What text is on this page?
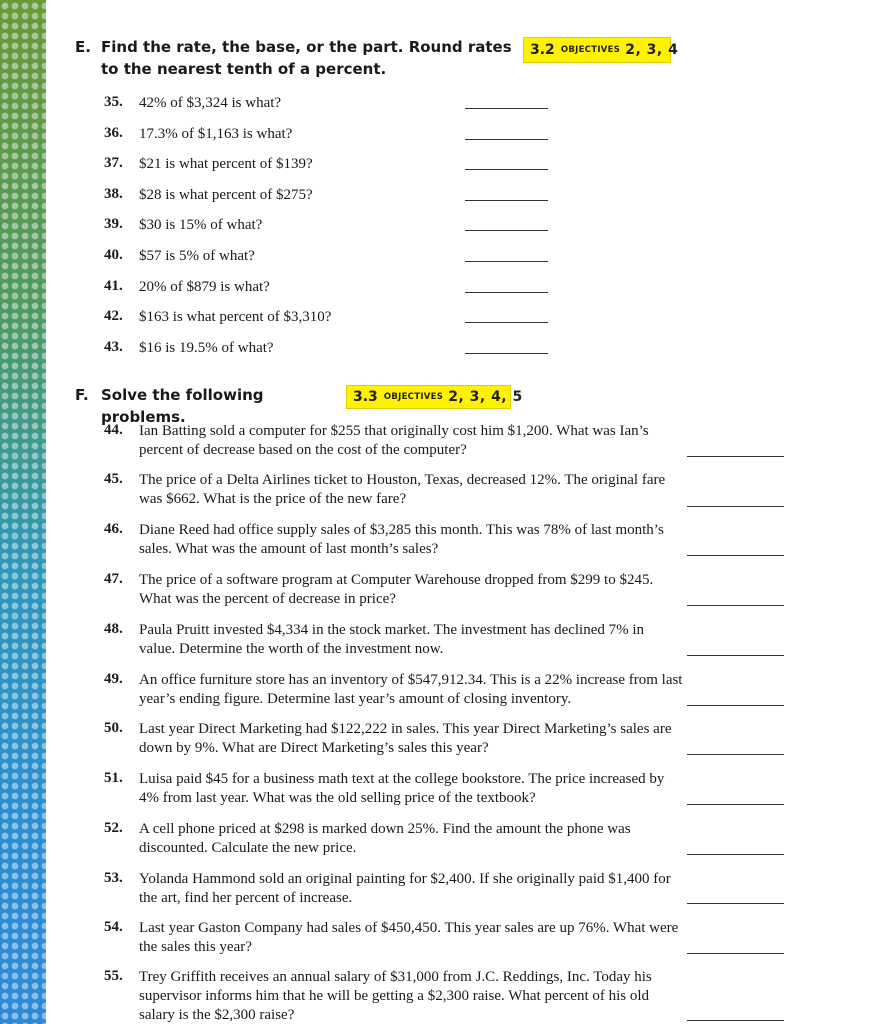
E. Find the rate, the base, or the part. Round rates to the nearest tenth of a percent.
3.2 OBJECTIVES 2, 3, 4
35. 42% of $3,324 is what?
36. 17.3% of $1,163 is what?
37. $21 is what percent of $139?
38. $28 is what percent of $275?
39. $30 is 15% of what?
40. $57 is 5% of what?
41. 20% of $879 is what?
42. $163 is what percent of $3,310?
43. $16 is 19.5% of what?
F. Solve the following problems.
3.3 OBJECTIVES 2, 3, 4, 5
44. Ian Batting sold a computer for $255 that originally cost him $1,200. What was Ian’s percent of decrease based on the cost of the computer?
45. The price of a Delta Airlines ticket to Houston, Texas, decreased 12%. The original fare was $662. What is the price of the new fare?
46. Diane Reed had office supply sales of $3,285 this month. This was 78% of last month’s sales. What was the amount of last month’s sales?
47. The price of a software program at Computer Warehouse dropped from $299 to $245. What was the percent of decrease in price?
48. Paula Pruitt invested $4,334 in the stock market. The investment has declined 7% in value. Determine the worth of the investment now.
49. An office furniture store has an inventory of $547,912.34. This is a 22% increase from last year’s ending figure. Determine last year’s amount of closing inventory.
50. Last year Direct Marketing had $122,222 in sales. This year Direct Marketing’s sales are down by 9%. What are Direct Marketing’s sales this year?
51. Luisa paid $45 for a business math text at the college bookstore. The price increased by 4% from last year. What was the old selling price of the textbook?
52. A cell phone priced at $298 is marked down 25%. Find the amount the phone was discounted. Calculate the new price.
53. Yolanda Hammond sold an original painting for $2,400. If she originally paid $1,400 for the art, find her percent of increase.
54. Last year Gaston Company had sales of $450,450. This year sales are up 76%. What were the sales this year?
55. Trey Griffith receives an annual salary of $31,000 from J.C. Reddings, Inc. Today his supervisor informs him that he will be getting a $2,300 raise. What percent of his old salary is the $2,300 raise?
